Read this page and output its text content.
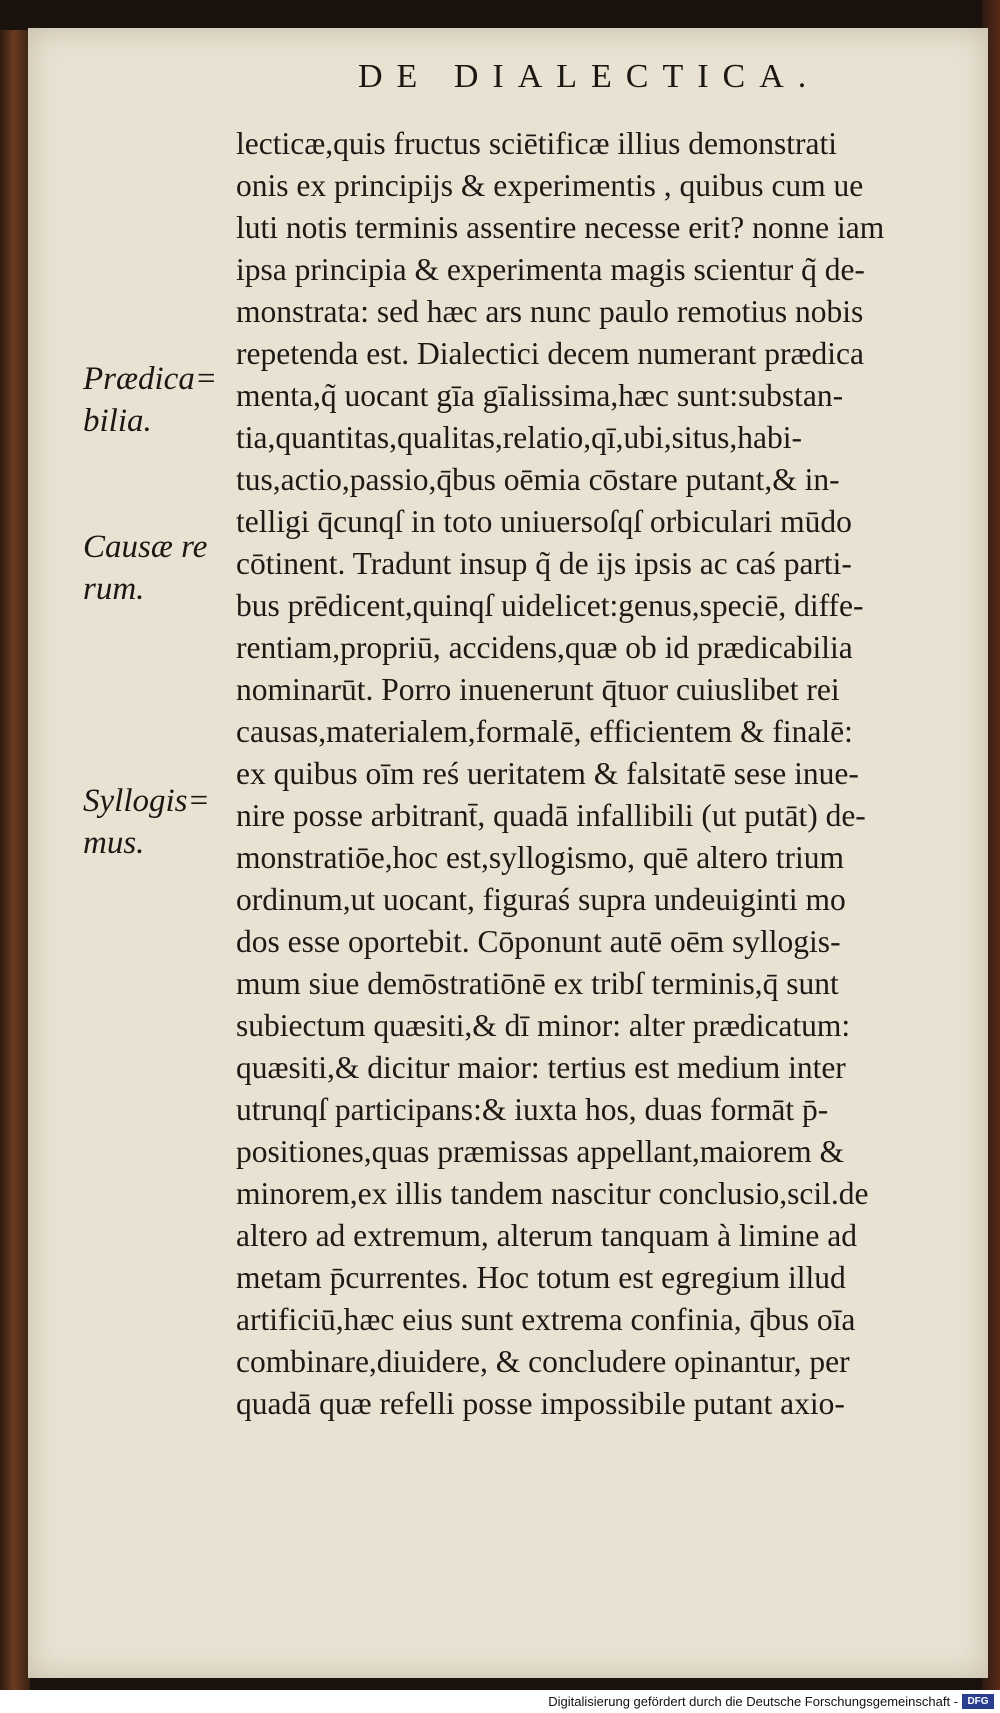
DE DIALECTICA.
Prædica=
bilia.
Causæ re
rum.
Syllogis=
mus.
lecticæ,quis fructus sciētificæ illius demonstrati
onis ex principijs & experimentis , quibus cum ue
luti notis terminis assentire necesse erit? nonne iam
ipsa principia & experimenta magis scientur q̃ de-
monstrata: sed hæc ars nunc paulo remotius nobis
repetenda est. Dialectici decem numerant prædica
menta,q̃ uocant gīa gīalissima,hæc sunt:substan-
tia,quantitas,qualitas,relatio,qī,ubi,situs,habi-
tus,actio,passio,q̄bus oēmia cōstare putant,& in-
telligi q̄cunqſ in toto uniuersoſqſ orbiculari mūdo
cōtinent. Tradunt insup q̃ de ijs ipsis ac caś parti-
bus prēdicent,quinqſ uidelicet:genus,speciē, diffe-
rentiam,propriū, accidens,quæ ob id prædicabilia
nominarūt. Porro inuenerunt q̄tuor cuiuslibet rei
causas,materialem,formalē, efficientem & finalē:
ex quibus oīm reś ueritatem & falsitatē sese inue-
nire posse arbitrant̄, quadā infallibili (ut putāt) de-
monstratiōe,hoc est,syllogismo, quē altero trium
ordinum,ut uocant, figuraś supra undeuiginti mo
dos esse oportebit. Cōponunt autē oēm syllogis-
mum siue demōstratiōnē ex tribſ terminis,q̄ sunt
subiectum quæsiti,& dī minor: alter prædicatum:
quæsiti,& dicitur maior: tertius est medium inter
utrunqſ participans:& iuxta hos, duas formāt p̄-
positiones,quas præmissas appellant,maiorem &
minorem,ex illis tandem nascitur conclusio,scil.de
altero ad extremum, alterum tanquam à limine ad
metam p̄currentes. Hoc totum est egregium illud
artificiū,hæc eius sunt extrema confinia, q̄bus oīa
combinare,diuidere, & concludere opinantur, per
quadā quæ refelli posse impossibile putant axio-
Digitalisierung gefördert durch die Deutsche Forschungsgemeinschaft - DFG
